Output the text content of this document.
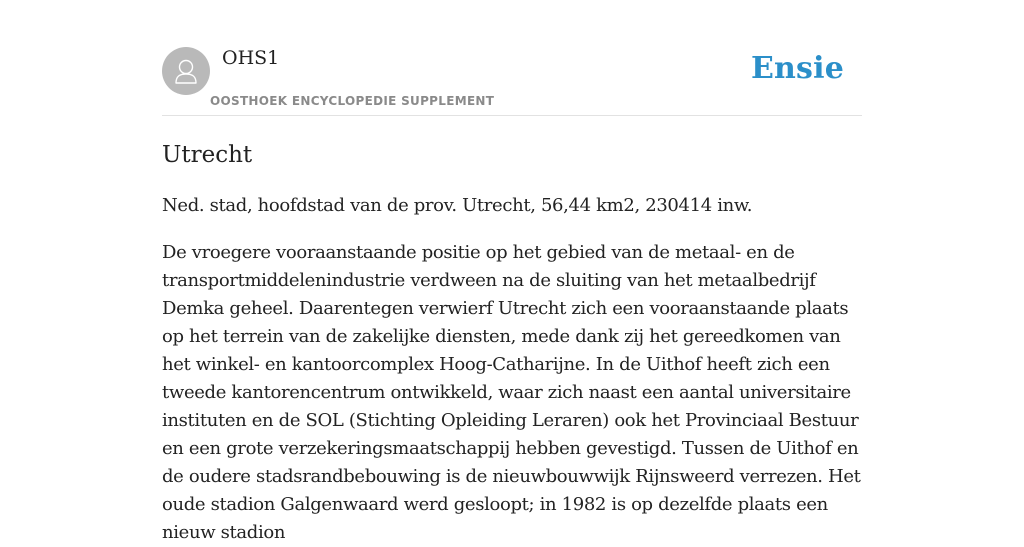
OHS1
OOSTHOEK ENCYCLOPEDIE SUPPLEMENT
Ensie
Utrecht

Ned. stad, hoofdstad van de prov. Utrecht, 56,44 km2, 230414 inw.

De vroegere vooraanstaande positie op het gebied van de metaal- en de transportmiddelenindustrie verdween na de sluiting van het metaalbedrijf Demka geheel. Daarentegen verwierf Utrecht zich een vooraanstaande plaats op het terrein van de zakelijke diensten, mede dank zij het gereedkomen van het winkel- en kantoorcomplex Hoog-Catharijne. In de Uithof heeft zich een tweede kantorencentrum ontwikkeld, waar zich naast een aantal universitaire instituten en de SOL (Stichting Opleiding Leraren) ook het Provinciaal Bestuur en een grote verzekeringsmaatschappij hebben gevestigd. Tussen de Uithof en de oudere stadsrandbebouwing is de nieuwbouwwijk Rijnsweerd verrezen. Het oude stadion Galgenwaard werd gesloopt; in 1982 is op dezelfde plaats een nieuw stadion
